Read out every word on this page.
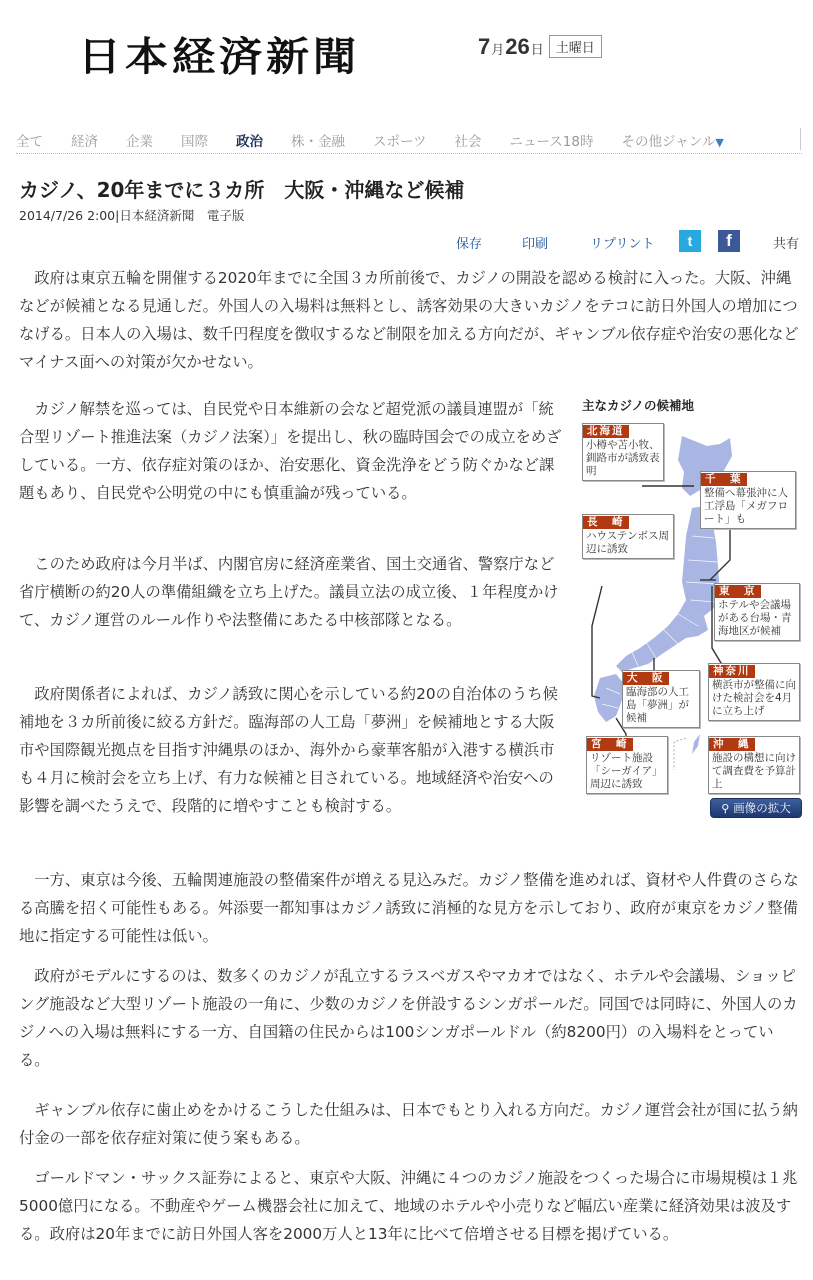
日本経済新聞	7 月 26 日 土曜日
全て 経済 企業 国際 政治 株・金融 スポーツ 社会 ニュース18時 その他ジャンル▼
カジノ、20年までに３カ所　大阪・沖縄など候補
2014/7/26 2:00|日本経済新聞　電子版
保存	印刷	リプリント	t	f	共有

政府は東京五輪を開催する2020年までに全国３カ所前後で、カジノの開設を認める検討に入った。大阪、沖縄などが候補となる見通しだ。外国人の入場料は無料とし、誘客効果の大きいカジノをテコに訪日外国人の増加につなげる。日本人の入場は、数千円程度を徴収するなど制限を加える方向だが、ギャンブル依存症や治安の悪化などマイナス面への対策が欠かせない。

カジノ解禁を巡っては、自民党や日本維新の会など超党派の議員連盟が「統合型リゾート推進法案（カジノ法案）」を提出し、秋の臨時国会での成立をめざしている。一方、依存症対策のほか、治安悪化、資金洗浄をどう防ぐかなど課題もあり、自民党や公明党の中にも慎重論が残っている。

このため政府は今月半ば、内閣官房に経済産業省、国土交通省、警察庁など省庁横断の約20人の準備組織を立ち上げた。議員立法の成立後、１年程度かけて、カジノ運営のルール作りや法整備にあたる中核部隊となる。

政府関係者によれば、カジノ誘致に関心を示している約20の自治体のうち候補地を３カ所前後に絞る方針だ。臨海部の人工島「夢洲」を候補地とする大阪市や国際観光拠点を目指す沖縄県のほか、海外から豪華客船が入港する横浜市も４月に検討会を立ち上げ、有力な候補と目されている。地域経済や治安への影響を調べたうえで、段階的に増やすことも検討する。

一方、東京は今後、五輪関連施設の整備案件が増える見込みだ。カジノ整備を進めれば、資材や人件費のさらなる高騰を招く可能性もある。舛添要一都知事はカジノ誘致に消極的な見方を示しており、政府が東京をカジノ整備地に指定する可能性は低い。

政府がモデルにするのは、数多くのカジノが乱立するラスベガスやマカオではなく、ホテルや会議場、ショッピング施設など大型リゾート施設の一角に、少数のカジノを併設するシンガポールだ。同国では同時に、外国人のカジノへの入場は無料にする一方、自国籍の住民からは100シンガポールドル（約8200円）の入場料をとっている。

ギャンブル依存に歯止めをかけるこうした仕組みは、日本でもとり入れる方向だ。カジノ運営会社が国に払う納付金の一部を依存症対策に使う案もある。

ゴールドマン・サックス証券によると、東京や大阪、沖縄に４つのカジノ施設をつくった場合に市場規模は１兆5000億円になる。不動産やゲーム機器会社に加えて、地域のホテルや小売りなど幅広い産業に経済効果は波及する。政府は20年までに訪日外国人客を2000万人と13年に比べて倍増させる目標を掲げている。

主なカジノの候補地
北海道
小樽や苫小牧、釧路市が誘致表明
千　葉
整備へ幕張沖に人工浮島「メガフロート」も
長　崎
ハウステンボス周辺に誘致
東　京
ホテルや会議場がある台場・青海地区が候補
神奈川
横浜市が整備に向けた検討会を4月に立ち上げ
大　阪
臨海部の人工島「夢洲」が候補
宮　崎
リゾート施設「シーガイア」周辺に誘致
沖　縄
施設の構想に向けて調査費を予算計上
⚲ 画像の拡大
